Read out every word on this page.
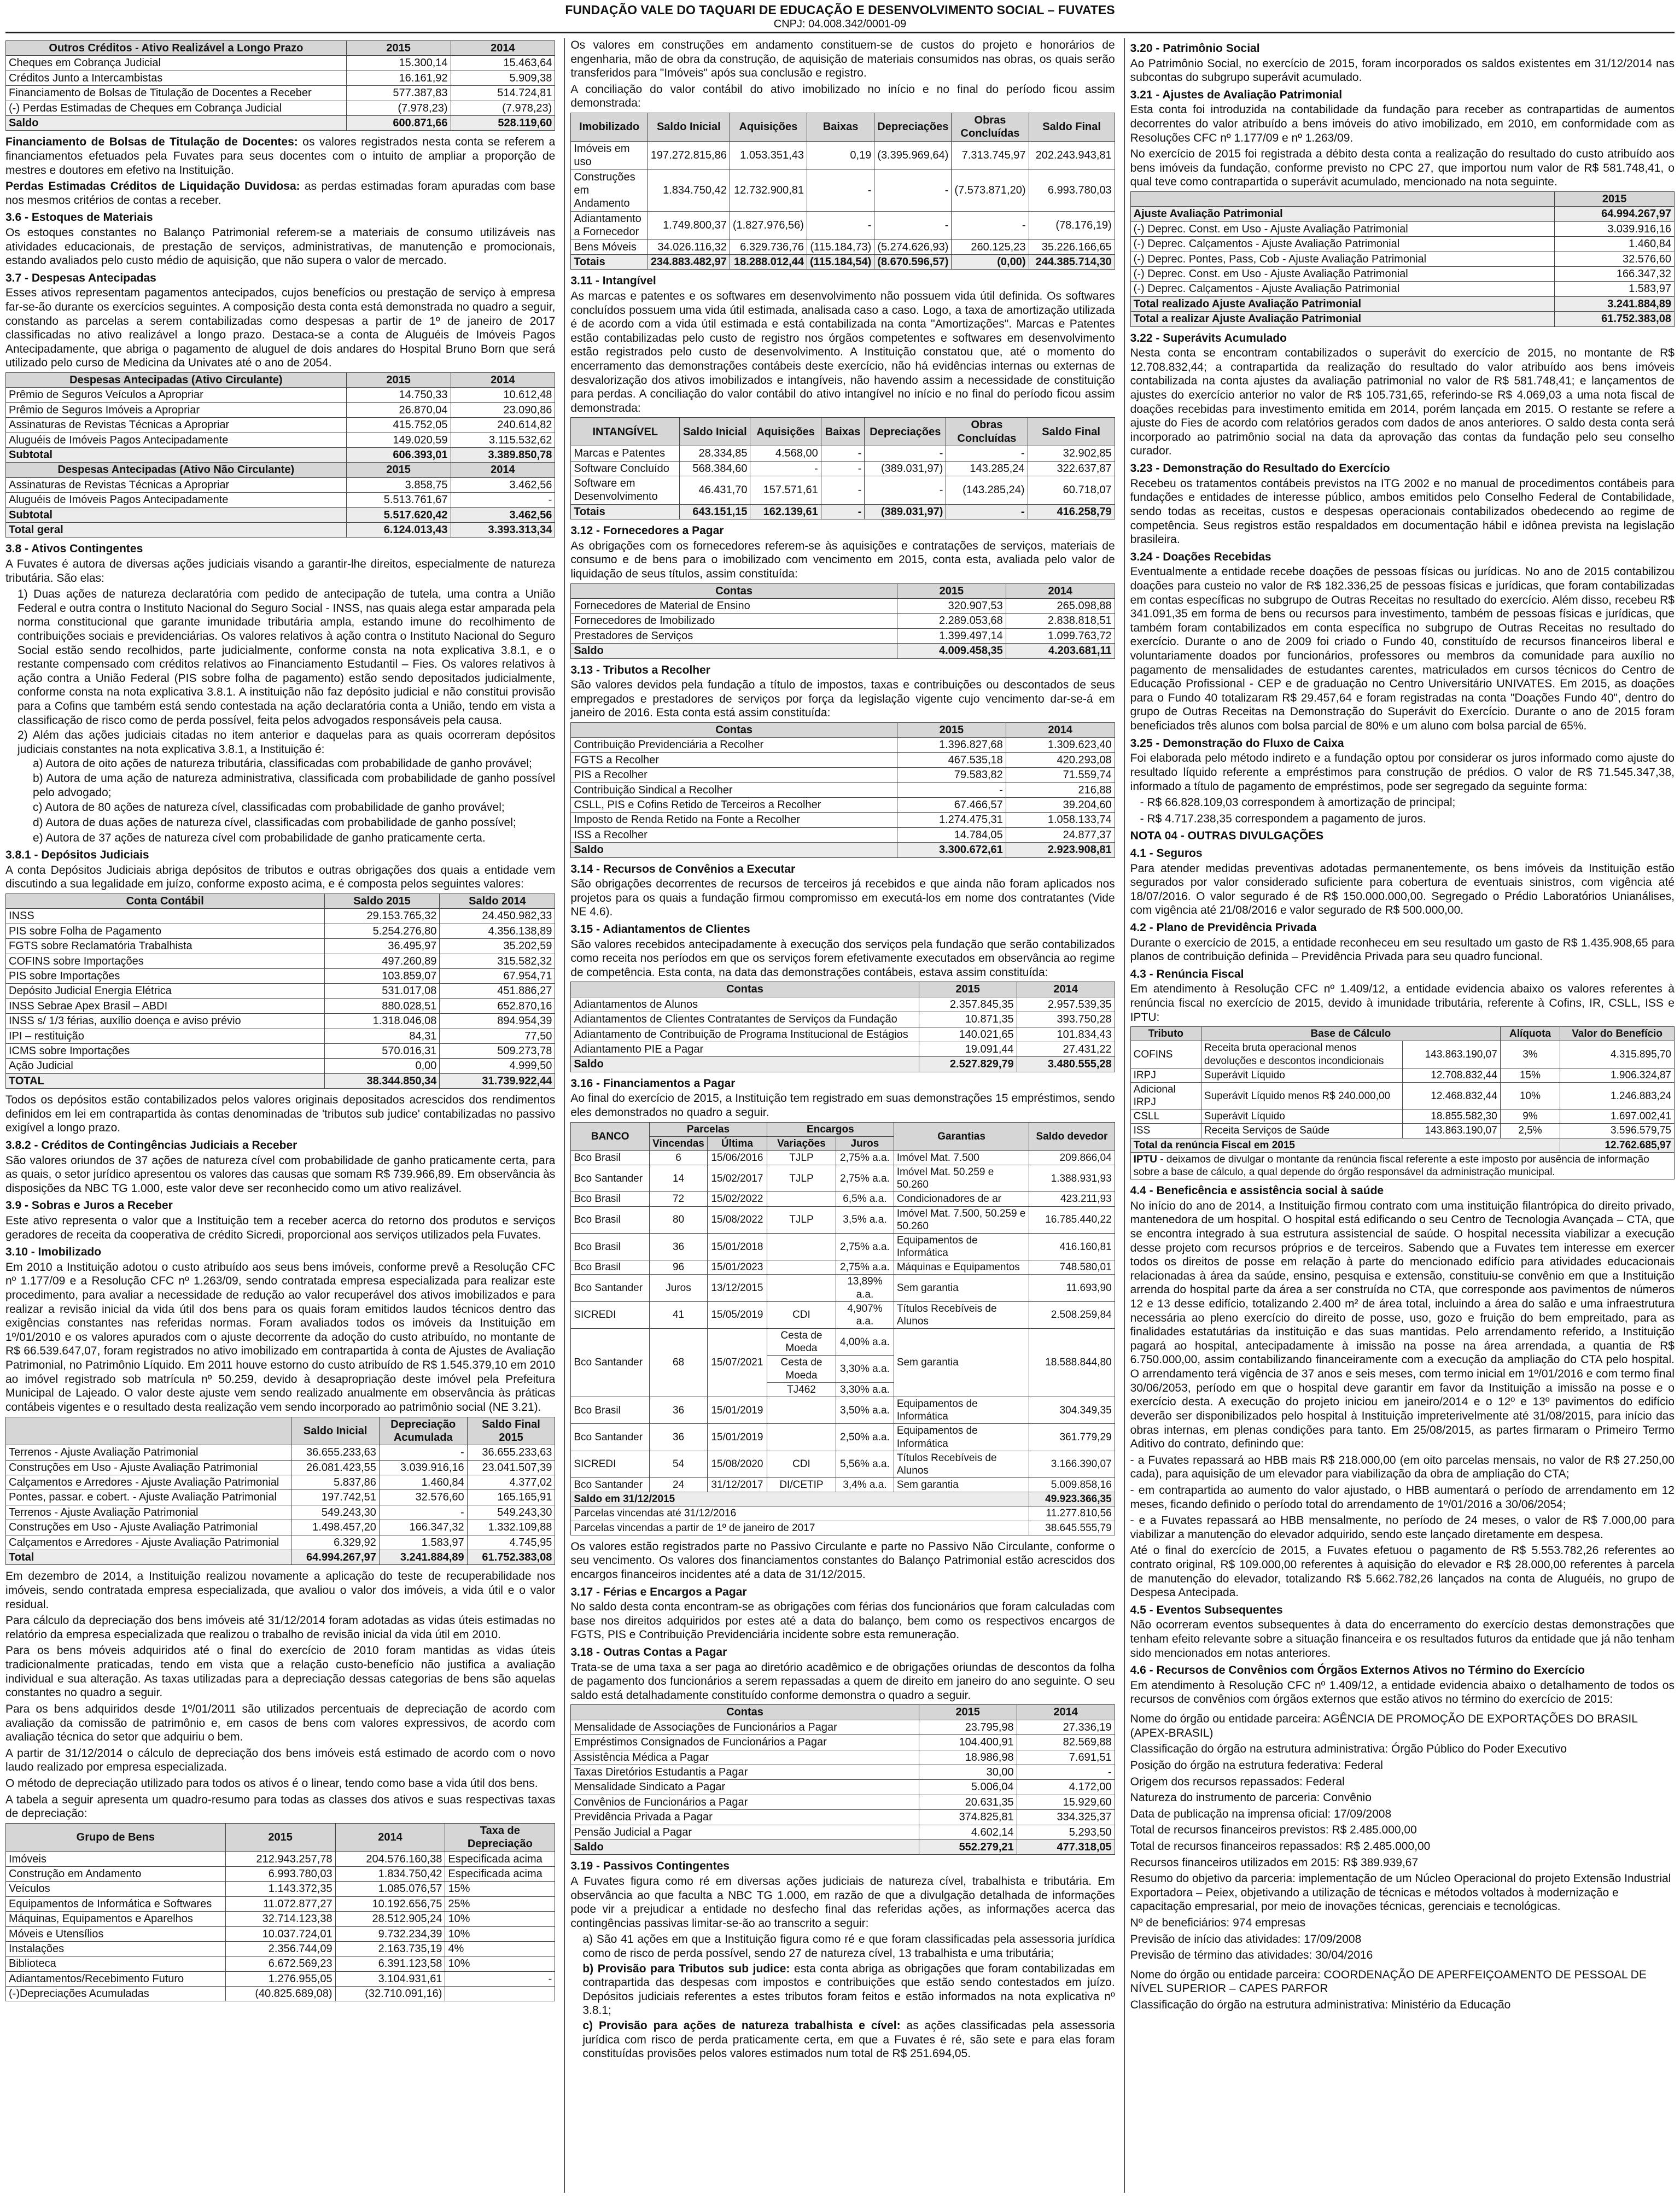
FUNDAÇÃO VALE DO TAQUARI DE EDUCAÇÃO E DESENVOLVIMENTO SOCIAL – FUVATES
CNPJ: 04.008.342/0001-09
Outros Créditos - Ativo Realizável a Longo Prazo	2015	2014
Cheques em Cobrança Judicial	15.300,14	15.463,64
Créditos Junto a Intercambistas	16.161,92	5.909,38
Financiamento de Bolsas de Titulação de Docentes a Receber	577.387,83	514.724,81
(-) Perdas Estimadas de Cheques em Cobrança Judicial	(7.978,23)	(7.978,23)
Saldo	600.871,66	528.119,60

Financiamento de Bolsas de Titulação de Docentes: os valores registrados nesta conta se referem a financiamentos efetuados pela Fuvates para seus docentes com o intuito de ampliar a proporção de mestres e doutores em efetivo na Instituição.

Perdas Estimadas Créditos de Liquidação Duvidosa: as perdas estimadas foram apuradas com base nos mesmos critérios de contas a receber.

3.6 - Estoques de Materiais

Os estoques constantes no Balanço Patrimonial referem-se a materiais de consumo utilizáveis nas atividades educacionais, de prestação de serviços, administrativas, de manutenção e promocionais, estando avaliados pelo custo médio de aquisição, que não supera o valor de mercado.

3.7 - Despesas Antecipadas

Esses ativos representam pagamentos antecipados, cujos benefícios ou prestação de serviço à empresa far-se-ão durante os exercícios seguintes. A composição desta conta está demonstrada no quadro a seguir, constando as parcelas a serem contabilizadas como despesas a partir de 1º de janeiro de 2017 classificadas no ativo realizável a longo prazo. Destaca-se a conta de Aluguéis de Imóveis Pagos Antecipadamente, que abriga o pagamento de aluguel de dois andares do Hospital Bruno Born que será utilizado pelo curso de Medicina da Univates até o ano de 2054.

Despesas Antecipadas (Ativo Circulante)	2015	2014
Prêmio de Seguros Veículos a Apropriar	14.750,33	10.612,48
Prêmio de Seguros Imóveis a Apropriar	26.870,04	23.090,86
Assinaturas de Revistas Técnicas a Apropriar	415.752,05	240.614,82
Aluguéis de Imóveis Pagos Antecipadamente	149.020,59	3.115.532,62
Subtotal	606.393,01	3.389.850,78
Despesas Antecipadas (Ativo Não Circulante)	2015	2014
Assinaturas de Revistas Técnicas a Apropriar	3.858,75	3.462,56
Aluguéis de Imóveis Pagos Antecipadamente	5.513.761,67	-
Subtotal	5.517.620,42	3.462,56
Total geral	6.124.013,43	3.393.313,34
3.8 - Ativos Contingentes

A Fuvates é autora de diversas ações judiciais visando a garantir-lhe direitos, especialmente de natureza tributária. São elas:

1) Duas ações de natureza declaratória com pedido de antecipação de tutela, uma contra a União Federal e outra contra o Instituto Nacional do Seguro Social - INSS, nas quais alega estar amparada pela norma constitucional que garante imunidade tributária ampla, estando imune do recolhimento de contribuições sociais e previdenciárias. Os valores relativos à ação contra o Instituto Nacional do Seguro Social estão sendo recolhidos, parte judicialmente, conforme consta na nota explicativa 3.8.1, e o restante compensado com créditos relativos ao Financiamento Estudantil – Fies. Os valores relativos à ação contra a União Federal (PIS sobre folha de pagamento) estão sendo depositados judicialmente, conforme consta na nota explicativa 3.8.1. A instituição não faz depósito judicial e não constitui provisão para a Cofins que também está sendo contestada na ação declaratória conta a União, tendo em vista a classificação de risco como de perda possível, feita pelos advogados responsáveis pela causa.
2) Além das ações judiciais citadas no item anterior e daquelas para as quais ocorreram depósitos judiciais constantes na nota explicativa 3.8.1, a Instituição é:
a) Autora de oito ações de natureza tributária, classificadas com probabilidade de ganho provável;
b) Autora de uma ação de natureza administrativa, classificada com probabilidade de ganho possível pelo advogado;
c) Autora de 80 ações de natureza cível, classificadas com probabilidade de ganho provável;
d) Autora de duas ações de natureza cível, classificadas com probabilidade de ganho possível;
e) Autora de 37 ações de natureza cível com probabilidade de ganho praticamente certa.
3.8.1 - Depósitos Judiciais

A conta Depósitos Judiciais abriga depósitos de tributos e outras obrigações dos quais a entidade vem discutindo a sua legalidade em juízo, conforme exposto acima, e é composta pelos seguintes valores:

Conta Contábil	Saldo 2015	Saldo 2014
INSS	29.153.765,32	24.450.982,33
PIS sobre Folha de Pagamento	5.254.276,80	4.356.138,89
FGTS sobre Reclamatória Trabalhista	36.495,97	35.202,59
COFINS sobre Importações	497.260,89	315.582,32
PIS sobre Importações	103.859,07	67.954,71
Depósito Judicial Energia Elétrica	531.017,08	451.886,27
INSS Sebrae Apex Brasil – ABDI	880.028,51	652.870,16
INSS s/ 1/3 férias, auxílio doença e aviso prévio	1.318.046,08	894.954,39
IPI – restituição	84,31	77,50
ICMS sobre Importações	570.016,31	509.273,78
Ação Judicial	0,00	4.999,50
TOTAL	38.344.850,34	31.739.922,44

Todos os depósitos estão contabilizados pelos valores originais depositados acrescidos dos rendimentos definidos em lei em contrapartida às contas denominadas de 'tributos sub judice' contabilizadas no passivo exigível a longo prazo.

3.8.2 - Créditos de Contingências Judiciais a Receber

São valores oriundos de 37 ações de natureza cível com probabilidade de ganho praticamente certa, para as quais, o setor jurídico apresentou os valores das causas que somam R$ 739.966,89. Em observância às disposições da NBC TG 1.000, este valor deve ser reconhecido como um ativo realizável.

3.9 - Sobras e Juros a Receber

Este ativo representa o valor que a Instituição tem a receber acerca do retorno dos produtos e serviços geradores de receita da cooperativa de crédito Sicredi, proporcional aos serviços utilizados pela Fuvates.

3.10 - Imobilizado

Em 2010 a Instituição adotou o custo atribuído aos seus bens imóveis, conforme prevê a Resolução CFC nº 1.177/09 e a Resolução CFC nº 1.263/09, sendo contratada empresa especializada para realizar este procedimento, para avaliar a necessidade de redução ao valor recuperável dos ativos imobilizados e para realizar a revisão inicial da vida útil dos bens para os quais foram emitidos laudos técnicos dentro das exigências constantes nas referidas normas. Foram avaliados todos os imóveis da Instituição em 1º/01/2010 e os valores apurados com o ajuste decorrente da adoção do custo atribuído, no montante de R$ 66.539.647,07, foram registrados no ativo imobilizado em contrapartida à conta de Ajustes de Avaliação Patrimonial, no Patrimônio Líquido. Em 2011 houve estorno do custo atribuído de R$ 1.545.379,10 em 2010 ao imóvel registrado sob matrícula nº 50.259, devido à desapropriação deste imóvel pela Prefeitura Municipal de Lajeado. O valor deste ajuste vem sendo realizado anualmente em observância às práticas contábeis vigentes e o resultado desta realização vem sendo incorporado ao patrimônio social (NE 3.21).

	Saldo Inicial	Depreciação Acumulada	Saldo Final 2015
Terrenos - Ajuste Avaliação Patrimonial	36.655.233,63	-	36.655.233,63
Construções em Uso - Ajuste Avaliação Patrimonial	26.081.423,55	3.039.916,16	23.041.507,39
Calçamentos e Arredores - Ajuste Avaliação Patrimonial	5.837,86	1.460,84	4.377,02
Pontes, passar. e cobert. - Ajuste Avaliação Patrimonial	197.742,51	32.576,60	165.165,91
Terrenos - Ajuste Avaliação Patrimonial	549.243,30	-	549.243,30
Construções em Uso - Ajuste Avaliação Patrimonial	1.498.457,20	166.347,32	1.332.109,88
Calçamentos e Arredores - Ajuste Avaliação Patrimonial	6.329,92	1.583,97	4.745,95
Total	64.994.267,97	3.241.884,89	61.752.383,08

Em dezembro de 2014, a Instituição realizou novamente a aplicação do teste de recuperabilidade nos imóveis, sendo contratada empresa especializada, que avaliou o valor dos imóveis, a vida útil e o valor residual.

Para cálculo da depreciação dos bens imóveis até 31/12/2014 foram adotadas as vidas úteis estimadas no relatório da empresa especializada que realizou o trabalho de revisão inicial da vida útil em 2010.

Para os bens móveis adquiridos até o final do exercício de 2010 foram mantidas as vidas úteis tradicionalmente praticadas, tendo em vista que a relação custo-benefício não justifica a avaliação individual e sua alteração. As taxas utilizadas para a depreciação dessas categorias de bens são aquelas constantes no quadro a seguir.

Para os bens adquiridos desde 1º/01/2011 são utilizados percentuais de depreciação de acordo com avaliação da comissão de patrimônio e, em casos de bens com valores expressivos, de acordo com avaliação técnica do setor que adquiriu o bem.

A partir de 31/12/2014 o cálculo de depreciação dos bens imóveis está estimado de acordo com o novo laudo realizado por empresa especializada.

O método de depreciação utilizado para todos os ativos é o linear, tendo como base a vida útil dos bens.

A tabela a seguir apresenta um quadro-resumo para todas as classes dos ativos e suas respectivas taxas de depreciação:

Grupo de Bens	2015	2014	Taxa de Depreciação
Imóveis	212.943.257,78	204.576.160,38	Especificada acima
Construção em Andamento	6.993.780,03	1.834.750,42	Especificada acima
Veículos	1.143.372,35	1.085.076,57	15%
Equipamentos de Informática e Softwares	11.072.877,27	10.192.656,75	25%
Máquinas, Equipamentos e Aparelhos	32.714.123,38	28.512.905,24	10%
Móveis e Utensílios	10.037.724,01	9.732.234,39	10%
Instalações	2.356.744,09	2.163.735,19	4%
Biblioteca	6.672.569,23	6.391.123,58	10%
Adiantamentos/Recebimento Futuro	1.276.955,05	3.104.931,61	-
(-)Depreciações Acumuladas	(40.825.689,08)	(32.710.091,16)	

Os valores em construções em andamento constituem-se de custos do projeto e honorários de engenharia, mão de obra da construção, de aquisição de materiais consumidos nas obras, os quais serão transferidos para "Imóveis" após sua conclusão e registro.

A conciliação do valor contábil do ativo imobilizado no início e no final do período ficou assim demonstrada:

Imobilizado	Saldo Inicial	Aquisições	Baixas	Depreciações	Obras Concluídas	Saldo Final
Imóveis em uso	197.272.815,86	1.053.351,43	0,19	(3.395.969,64)	7.313.745,97	202.243.943,81
Construções em Andamento	1.834.750,42	12.732.900,81	-	-	(7.573.871,20)	6.993.780,03
Adiantamento a Fornecedor	1.749.800,37	(1.827.976,56)	-	-	-	(78.176,19)
Bens Móveis	34.026.116,32	6.329.736,76	(115.184,73)	(5.274.626,93)	260.125,23	35.226.166,65
Totais	234.883.482,97	18.288.012,44	(115.184,54)	(8.670.596,57)	(0,00)	244.385.714,30
3.11 - Intangível

As marcas e patentes e os softwares em desenvolvimento não possuem vida útil definida. Os softwares concluídos possuem uma vida útil estimada, analisada caso a caso. Logo, a taxa de amortização utilizada é de acordo com a vida útil estimada e está contabilizada na conta "Amortizações". Marcas e Patentes estão contabilizadas pelo custo de registro nos órgãos competentes e softwares em desenvolvimento estão registrados pelo custo de desenvolvimento. A Instituição constatou que, até o momento do encerramento das demonstrações contábeis deste exercício, não há evidências internas ou externas de desvalorização dos ativos imobilizados e intangíveis, não havendo assim a necessidade de constituição para perdas. A conciliação do valor contábil do ativo intangível no início e no final do período ficou assim demonstrada:

INTANGÍVEL	Saldo Inicial	Aquisições	Baixas	Depreciações	Obras Concluídas	Saldo Final
Marcas e Patentes	28.334,85	4.568,00	-	-	-	32.902,85
Software Concluído	568.384,60	-	-	(389.031,97)	143.285,24	322.637,87
Software em Desenvolvimento	46.431,70	157.571,61	-	-	(143.285,24)	60.718,07
Totais	643.151,15	162.139,61	-	(389.031,97)	-	416.258,79
3.12 - Fornecedores a Pagar

As obrigações com os fornecedores referem-se às aquisições e contratações de serviços, materiais de consumo e de bens para o imobilizado com vencimento em 2015, conta esta, avaliada pelo valor de liquidação de seus títulos, assim constituída:

Contas	2015	2014
Fornecedores de Material de Ensino	320.907,53	265.098,88
Fornecedores de Imobilizado	2.289.053,68	2.838.818,51
Prestadores de Serviços	1.399.497,14	1.099.763,72
Saldo	4.009.458,35	4.203.681,11
3.13 - Tributos a Recolher

São valores devidos pela fundação a título de impostos, taxas e contribuições ou descontados de seus empregados e prestadores de serviços por força da legislação vigente cujo vencimento dar-se-á em janeiro de 2016. Esta conta está assim constituída:

Contas	2015	2014
Contribuição Previdenciária a Recolher	1.396.827,68	1.309.623,40
FGTS a Recolher	467.535,18	420.293,08
PIS a Recolher	79.583,82	71.559,74
Contribuição Sindical a Recolher	-	216,88
CSLL, PIS e Cofins Retido de Terceiros a Recolher	67.466,57	39.204,60
Imposto de Renda Retido na Fonte a Recolher	1.274.475,31	1.058.133,74
ISS a Recolher	14.784,05	24.877,37
Saldo	3.300.672,61	2.923.908,81
3.14 - Recursos de Convênios a Executar

São obrigações decorrentes de recursos de terceiros já recebidos e que ainda não foram aplicados nos projetos para os quais a fundação firmou compromisso em executá-los em nome dos contratantes (Vide NE 4.6).

3.15 - Adiantamentos de Clientes

São valores recebidos antecipadamente à execução dos serviços pela fundação que serão contabilizados como receita nos períodos em que os serviços forem efetivamente executados em observância ao regime de competência. Esta conta, na data das demonstrações contábeis, estava assim constituída:

Contas	2015	2014
Adiantamentos de Alunos	2.357.845,35	2.957.539,35
Adiantamentos de Clientes Contratantes de Serviços da Fundação	10.871,35	393.750,28
Adiantamento de Contribuição de Programa Institucional de Estágios	140.021,65	101.834,43
Adiantamento PIE a Pagar	19.091,44	27.431,22
Saldo	2.527.829,79	3.480.555,28
3.16 - Financiamentos a Pagar

Ao final do exercício de 2015, a Instituição tem registrado em suas demonstrações 15 empréstimos, sendo eles demonstrados no quadro a seguir.

BANCO	Parcelas		Encargos		Garantias	Saldo devedor
	Vincendas	Última	Variações	Juros		
Bco Brasil	6	15/06/2016	TJLP	2,75% a.a.	Imóvel Mat. 7.500	209.866,04
Bco Santander	14	15/02/2017	TJLP	2,75% a.a.	Imóvel Mat. 50.259 e 50.260	1.388.931,93
Bco Brasil	72	15/02/2022		6,5% a.a.	Condicionadores de ar	423.211,93
Bco Brasil	80	15/08/2022	TJLP	3,5% a.a.	Imóvel Mat. 7.500, 50.259 e 50.260	16.785.440,22
Bco Brasil	36	15/01/2018		2,75% a.a.	Equipamentos de Informática	416.160,81
Bco Brasil	96	15/01/2023		2,75% a.a.	Máquinas e Equipamentos	748.580,01
Bco Santander	Juros	13/12/2015		13,89% a.a.	Sem garantia	11.693,90
SICREDI	41	15/05/2019	CDI	4,907% a.a.	Títulos Recebíveis de Alunos	2.508.259,84
Bco Santander	68	15/07/2021	Cesta de Moeda	4,00% a.a.	Sem garantia	18.588.844,80
			Cesta de Moeda	3,30% a.a.		
			TJ462	3,30% a.a.		
Bco Brasil	36	15/01/2019		3,50% a.a.	Equipamentos de Informática	304.349,35
Bco Santander	36	15/01/2019		2,50% a.a.	Equipamentos de Informática	361.779,29
SICREDI	54	15/08/2020	CDI	5,56% a.a.	Títulos Recebíveis de Alunos	3.166.390,07
Bco Santander	24	31/12/2017	DI/CETIP	3,4% a.a.	Sem garantia	5.009.858,16
Saldo em 31/12/2015						49.923.366,35
Parcelas vincendas até 31/12/2016						11.277.810,56
Parcelas vincendas a partir de 1º de janeiro de 2017						38.645.555,79

Os valores estão registrados parte no Passivo Circulante e parte no Passivo Não Circulante, conforme o seu vencimento. Os valores dos financiamentos constantes do Balanço Patrimonial estão acrescidos dos encargos financeiros incidentes até a data de 31/12/2015.

3.17 - Férias e Encargos a Pagar

No saldo desta conta encontram-se as obrigações com férias dos funcionários que foram calculadas com base nos direitos adquiridos por estes até a data do balanço, bem como os respectivos encargos de FGTS, PIS e Contribuição Previdenciária incidente sobre esta remuneração.

3.18 - Outras Contas a Pagar

Trata-se de uma taxa a ser paga ao diretório acadêmico e de obrigações oriundas de descontos da folha de pagamento dos funcionários a serem repassadas a quem de direito em janeiro do ano seguinte. O seu saldo está detalhadamente constituído conforme demonstra o quadro a seguir.

Contas	2015	2014
Mensalidade de Associações de Funcionários a Pagar	23.795,98	27.336,19
Empréstimos Consignados de Funcionários a Pagar	104.400,91	82.569,88
Assistência Médica a Pagar	18.986,98	7.691,51
Taxas Diretórios Estudantis a Pagar	30,00	-
Mensalidade Sindicato a Pagar	5.006,04	4.172,00
Convênios de Funcionários a Pagar	20.631,35	15.929,60
Previdência Privada a Pagar	374.825,81	334.325,37
Pensão Judicial a Pagar	4.602,14	5.293,50
Saldo	552.279,21	477.318,05
3.19 - Passivos Contingentes

A Fuvates figura como ré em diversas ações judiciais de natureza cível, trabalhista e tributária. Em observância ao que faculta a NBC TG 1.000, em razão de que a divulgação detalhada de informações pode vir a prejudicar a entidade no desfecho final das referidas ações, as informações acerca das contingências passivas limitar-se-ão ao transcrito a seguir:

a) São 41 ações em que a Instituição figura como ré e que foram classificadas pela assessoria jurídica como de risco de perda possível, sendo 27 de natureza cível, 13 trabalhista e uma tributária;
b) Provisão para Tributos sub judice: esta conta abriga as obrigações que foram contabilizadas em contrapartida das despesas com impostos e contribuições que estão sendo contestados em juízo. Depósitos judiciais referentes a estes tributos foram feitos e estão informados na nota explicativa nº 3.8.1;
c) Provisão para ações de natureza trabalhista e cível: as ações classificadas pela assessoria jurídica com risco de perda praticamente certa, em que a Fuvates é ré, são sete e para elas foram constituídas provisões pelos valores estimados num total de R$ 251.694,05.
3.20 - Patrimônio Social

Ao Patrimônio Social, no exercício de 2015, foram incorporados os saldos existentes em 31/12/2014 nas subcontas do subgrupo superávit acumulado.

3.21 - Ajustes de Avaliação Patrimonial

Esta conta foi introduzida na contabilidade da fundação para receber as contrapartidas de aumentos decorrentes do valor atribuído a bens imóveis do ativo imobilizado, em 2010, em conformidade com as Resoluções CFC nº 1.177/09 e nº 1.263/09.

No exercício de 2015 foi registrada a débito desta conta a realização do resultado do custo atribuído aos bens imóveis da fundação, conforme previsto no CPC 27, que importou num valor de R$ 581.748,41, o qual teve como contrapartida o superávit acumulado, mencionado na nota seguinte.

	2015
Ajuste Avaliação Patrimonial	64.994.267,97
(-) Deprec. Const. em Uso - Ajuste Avaliação Patrimonial	3.039.916,16
(-) Deprec. Calçamentos - Ajuste Avaliação Patrimonial	1.460,84
(-) Deprec. Pontes, Pass, Cob - Ajuste Avaliação Patrimonial	32.576,60
(-) Deprec. Const. em Uso - Ajuste Avaliação Patrimonial	166.347,32
(-) Deprec. Calçamentos - Ajuste Avaliação Patrimonial	1.583,97
Total realizado Ajuste Avaliação Patrimonial	3.241.884,89
Total a realizar Ajuste Avaliação Patrimonial	61.752.383,08
3.22 - Superávits Acumulado

Nesta conta se encontram contabilizados o superávit do exercício de 2015, no montante de R$ 12.708.832,44; a contrapartida da realização do resultado do valor atribuído aos bens imóveis contabilizada na conta ajustes da avaliação patrimonial no valor de R$ 581.748,41; e lançamentos de ajustes do exercício anterior no valor de R$ 105.731,65, referindo-se R$ 4.069,03 a uma nota fiscal de doações recebidas para investimento emitida em 2014, porém lançada em 2015. O restante se refere a ajuste do Fies de acordo com relatórios gerados com dados de anos anteriores. O saldo desta conta será incorporado ao patrimônio social na data da aprovação das contas da fundação pelo seu conselho curador.

3.23 - Demonstração do Resultado do Exercício

Recebeu os tratamentos contábeis previstos na ITG 2002 e no manual de procedimentos contábeis para fundações e entidades de interesse público, ambos emitidos pelo Conselho Federal de Contabilidade, sendo todas as receitas, custos e despesas operacionais contabilizados obedecendo ao regime de competência. Seus registros estão respaldados em documentação hábil e idônea prevista na legislação brasileira.

3.24 - Doações Recebidas

Eventualmente a entidade recebe doações de pessoas físicas ou jurídicas. No ano de 2015 contabilizou doações para custeio no valor de R$ 182.336,25 de pessoas físicas e jurídicas, que foram contabilizadas em contas específicas no subgrupo de Outras Receitas no resultado do exercício. Além disso, recebeu R$ 341.091,35 em forma de bens ou recursos para investimento, também de pessoas físicas e jurídicas, que também foram contabilizados em conta específica no subgrupo de Outras Receitas no resultado do exercício. Durante o ano de 2009 foi criado o Fundo 40, constituído de recursos financeiros liberal e voluntariamente doados por funcionários, professores ou membros da comunidade para auxílio no pagamento de mensalidades de estudantes carentes, matriculados em cursos técnicos do Centro de Educação Profissional - CEP e de graduação no Centro Universitário UNIVATES. Em 2015, as doações para o Fundo 40 totalizaram R$ 29.457,64 e foram registradas na conta "Doações Fundo 40", dentro do grupo de Outras Receitas na Demonstração do Superávit do Exercício. Durante o ano de 2015 foram beneficiados três alunos com bolsa parcial de 80% e um aluno com bolsa parcial de 65%.

3.25 - Demonstração do Fluxo de Caixa

Foi elaborada pelo método indireto e a fundação optou por considerar os juros informado como ajuste do resultado líquido referente a empréstimos para construção de prédios. O valor de R$ 71.545.347,38, informado a título de pagamento de empréstimos, pode ser segregado da seguinte forma:

- R$ 66.828.109,03 correspondem à amortização de principal;

- R$ 4.717.238,35 correspondem a pagamento de juros.

NOTA 04 - OUTRAS DIVULGAÇÕES
4.1 - Seguros

Para atender medidas preventivas adotadas permanentemente, os bens imóveis da Instituição estão segurados por valor considerado suficiente para cobertura de eventuais sinistros, com vigência até 18/07/2016. O valor segurado é de R$ 150.000.000,00. Segregado o Prédio Laboratórios Unianálises, com vigência até 21/08/2016 e valor segurado de R$ 500.000,00.

4.2 - Plano de Previdência Privada

Durante o exercício de 2015, a entidade reconheceu em seu resultado um gasto de R$ 1.435.908,65 para planos de contribuição definida – Previdência Privada para seu quadro funcional.

4.3 - Renúncia Fiscal

Em atendimento à Resolução CFC nº 1.409/12, a entidade evidencia abaixo os valores referentes à renúncia fiscal no exercício de 2015, devido à imunidade tributária, referente à Cofins, IR, CSLL, ISS e IPTU:

Tributo	Base de Cálculo		Alíquota	Valor do Benefício
COFINS	Receita bruta operacional menos devoluções e descontos incondicionais	143.863.190,07	3%	4.315.895,70
IRPJ	Superávit Líquido	12.708.832,44	15%	1.906.324,87
Adicional IRPJ	Superávit Líquido menos R$ 240.000,00	12.468.832,44	10%	1.246.883,24
CSLL	Superávit Líquido	18.855.582,30	9%	1.697.002,41
ISS	Receita Serviços de Saúde	143.863.190,07	2,5%	3.596.579,75
Total da renúncia Fiscal em 2015				12.762.685,97
IPTU - deixamos de divulgar o montante da renúncia fiscal referente a este imposto por ausência de informação sobre a base de cálculo, a qual depende do órgão responsável da administração municipal.				
4.4 - Beneficência e assistência social à saúde

No início do ano de 2014, a Instituição firmou contrato com uma instituição filantrópica do direito privado, mantenedora de um hospital. O hospital está edificando o seu Centro de Tecnologia Avançada – CTA, que se encontra integrado à sua estrutura assistencial de saúde. O hospital necessita viabilizar a execução desse projeto com recursos próprios e de terceiros. Sabendo que a Fuvates tem interesse em exercer todos os direitos de posse em relação à parte do mencionado edifício para atividades educacionais relacionadas à área da saúde, ensino, pesquisa e extensão, constituiu-se convênio em que a Instituição arrenda do hospital parte da área a ser construída no CTA, que corresponde aos pavimentos de números 12 e 13 desse edifício, totalizando 2.400 m² de área total, incluindo a área do salão e uma infraestrutura necessária ao pleno exercício do direito de posse, uso, gozo e fruição do bem empreitado, para as finalidades estatutárias da instituição e das suas mantidas. Pelo arrendamento referido, a Instituição pagará ao hospital, antecipadamente à imissão na posse na área arrendada, a quantia de R$ 6.750.000,00, assim contabilizando financeiramente com a execução da ampliação do CTA pelo hospital. O arrendamento terá vigência de 37 anos e seis meses, com termo inicial em 1º/01/2016 e com termo final 30/06/2053, período em que o hospital deve garantir em favor da Instituição a imissão na posse e o exercício desta. A execução do projeto iniciou em janeiro/2014 e o 12º e 13º pavimentos do edifício deverão ser disponibilizados pelo hospital à Instituição impreterivelmente até 31/08/2015, para início das obras internas, em plenas condições para tanto. Em 25/08/2015, as partes firmaram o Primeiro Termo Aditivo do contrato, definindo que:

- a Fuvates repassará ao HBB mais R$ 218.000,00 (em oito parcelas mensais, no valor de R$ 27.250,00 cada), para aquisição de um elevador para viabilização da obra de ampliação do CTA;

- em contrapartida ao aumento do valor ajustado, o HBB aumentará o período de arrendamento em 12 meses, ficando definido o período total do arrendamento de 1º/01/2016 a 30/06/2054;

- e a Fuvates repassará ao HBB mensalmente, no período de 24 meses, o valor de R$ 7.000,00 para viabilizar a manutenção do elevador adquirido, sendo este lançado diretamente em despesa.

Até o final do exercício de 2015, a Fuvates efetuou o pagamento de R$ 5.553.782,26 referentes ao contrato original, R$ 109.000,00 referentes à aquisição do elevador e R$ 28.000,00 referentes à parcela de manutenção do elevador, totalizando R$ 5.662.782,26 lançados na conta de Aluguéis, no grupo de Despesa Antecipada.

4.5 - Eventos Subsequentes

Não ocorreram eventos subsequentes à data do encerramento do exercício destas demonstrações que tenham efeito relevante sobre a situação financeira e os resultados futuros da entidade que já não tenham sido mencionados em notas anteriores.

4.6 - Recursos de Convênios com Órgãos Externos Ativos no Término do Exercício

Em atendimento à Resolução CFC nº 1.409/12, a entidade evidencia abaixo o detalhamento de todos os recursos de convênios com órgãos externos que estão ativos no término do exercício de 2015:

Nome do órgão ou entidade parceira: AGÊNCIA DE PROMOÇÃO DE EXPORTAÇÕES DO BRASIL (APEX-BRASIL)

Classificação do órgão na estrutura administrativa: Órgão Público do Poder Executivo

Posição do órgão na estrutura federativa: Federal

Origem dos recursos repassados: Federal

Natureza do instrumento de parceria: Convênio

Data de publicação na imprensa oficial: 17/09/2008

Total de recursos financeiros previstos: R$ 2.485.000,00

Total de recursos financeiros repassados: R$ 2.485.000,00

Recursos financeiros utilizados em 2015: R$ 389.939,67

Resumo do objetivo da parceria: implementação de um Núcleo Operacional do projeto Extensão Industrial Exportadora – Peiex, objetivando a utilização de técnicas e métodos voltados à modernização e capacitação empresarial, por meio de inovações técnicas, gerenciais e tecnológicas.

Nº de beneficiários: 974 empresas

Previsão de início das atividades: 17/09/2008

Previsão de término das atividades: 30/04/2016

Nome do órgão ou entidade parceira: COORDENAÇÃO DE APERFEIÇOAMENTO DE PESSOAL DE NÍVEL SUPERIOR – CAPES PARFOR

Classificação do órgão na estrutura administrativa: Ministério da Educação
